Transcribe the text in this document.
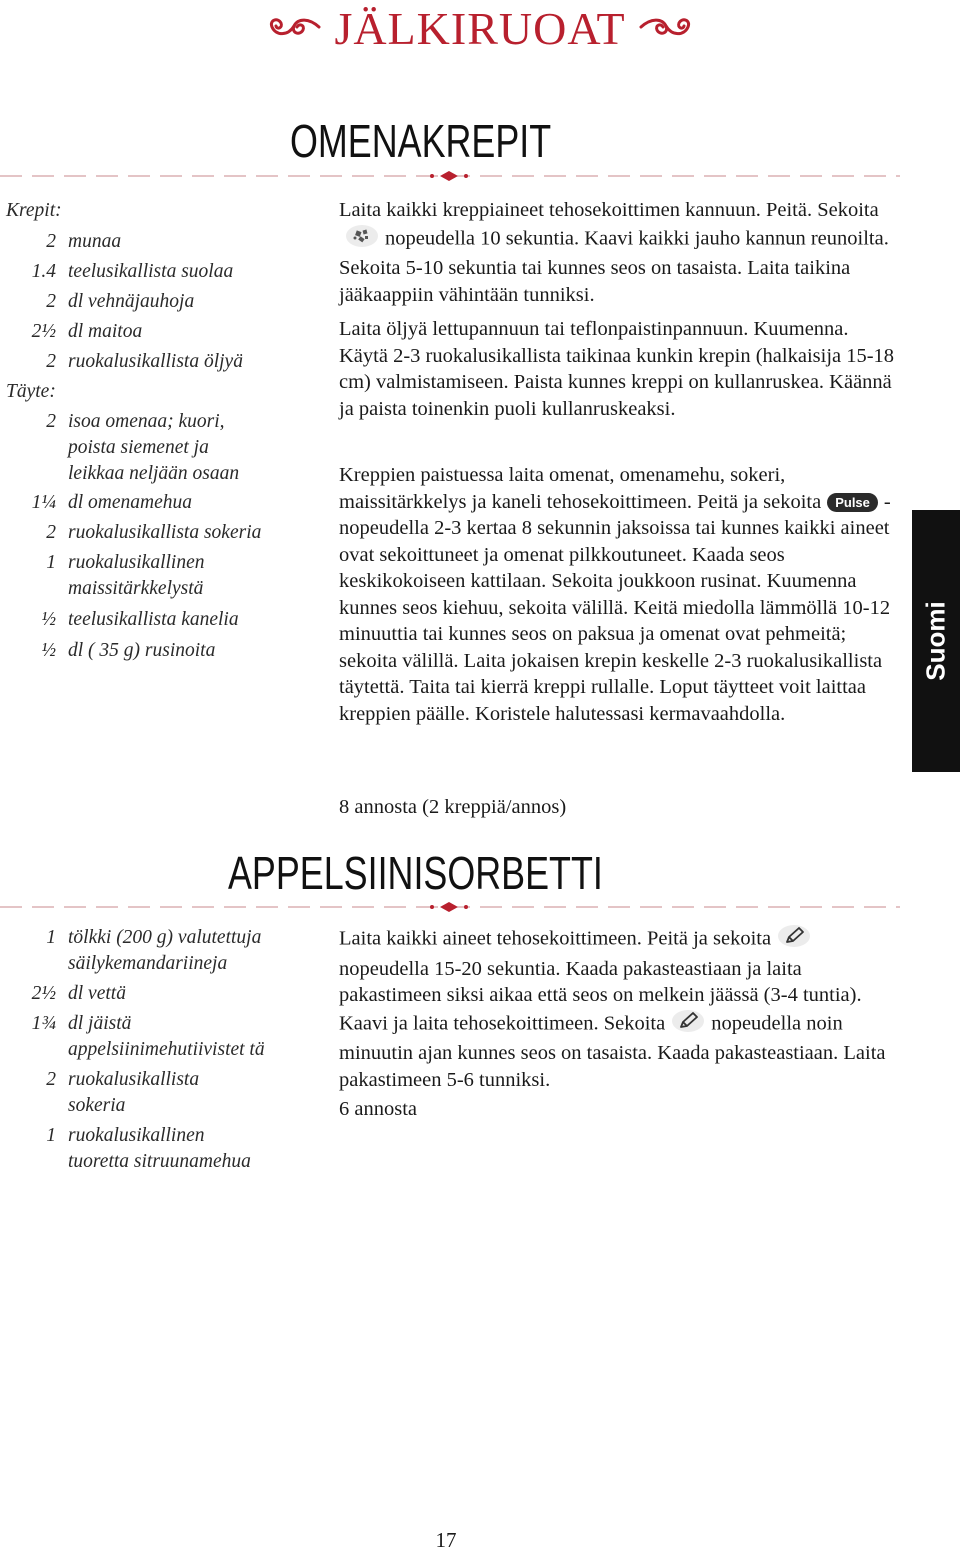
JÄLKIRUOAT
OMENAKREPIT
Krepit:
2 munaa
1.4 teelusikallista suolaa
2 dl vehnäjauhoja
2½ dl maitoa
2 ruokalusikallista öljyä
Täyte:
2 isoa omenaa; kuori,
poista siemenet ja
leikkaa neljään osaan
1¼ dl omenamehua
2 ruokalusikallista sokeria
1 ruokalusikallinen
maissitärkkelystä
½ teelusikallista kanelia
½ dl ( 35 g) rusinoita

Laita kaikki kreppiaineet tehosekoittimen kannuun. Peitä. Sekoitanopeudella 10 sekuntia. Kaavi kaikki jauho kannun reunoilta. Sekoita 5-10 sekuntia tai kunnes seos on tasaista. Laita taikina jääkaappiin vähintään tunniksi.

Laita öljyä lettupannuun tai teflonpaistinpannuun. Kuumenna. Käytä 2-3 ruokalusikallista taikinaa kunkin krepin (halkaisija 15-18 cm) valmistamiseen. Paista kunnes kreppi on kullanruskea. Käännä ja paista toinenkin puoli kullanruskeaksi.

Kreppien paistuessa laita omenat, omenamehu, sokeri, maissitärkkelys ja kaneli tehosekoittimeen. Peitä ja sekoita Pulse -nopeudella 2-3 kertaa 8 sekunnin jaksoissa tai kunnes kaikki aineet ovat sekoittuneet ja omenat pilkkoutuneet. Kaada seos keskikokoiseen kattilaan. Sekoita joukkoon rusinat. Kuumenna kunnes seos kiehuu, sekoita välillä. Keitä miedolla lämmöllä 10-12 minuuttia tai kunnes seos on paksua ja omenat ovat pehmeitä; sekoita välillä. Laita jokaisen krepin keskelle 2-3 ruokalusikallista täytettä. Taita tai kierrä kreppi rullalle. Loput täytteet voit laittaa kreppien päälle. Koristele halutessasi kermavaahdolla.

8 annosta (2 kreppiä/annos)

APPELSIINISORBETTI
1 tölkki (200 g) valutettuja
säilykemandariineja
2½ dl vettä
1¾ dl jäistä
appelsiinimehutiivistet tä
2 ruokalusikallista
sokeria
1 ruokalusikallinen
tuoretta sitruunamehua

Laita kaikki aineet tehosekoittimeen. Peitä ja sekoitanopeudella 15-20 sekuntia. Kaada pakasteastiaan ja laita pakastimeen siksi aikaa että seos on melkein jäässä (3-4 tuntia). Kaavi ja laita tehosekoittimeen. Sekoita nopeudella noin minuutin ajan kunnes seos on tasaista. Kaada pakasteastiaan. Laita pakastimeen 5-6 tunniksi.

6 annosta

Suomi
17
